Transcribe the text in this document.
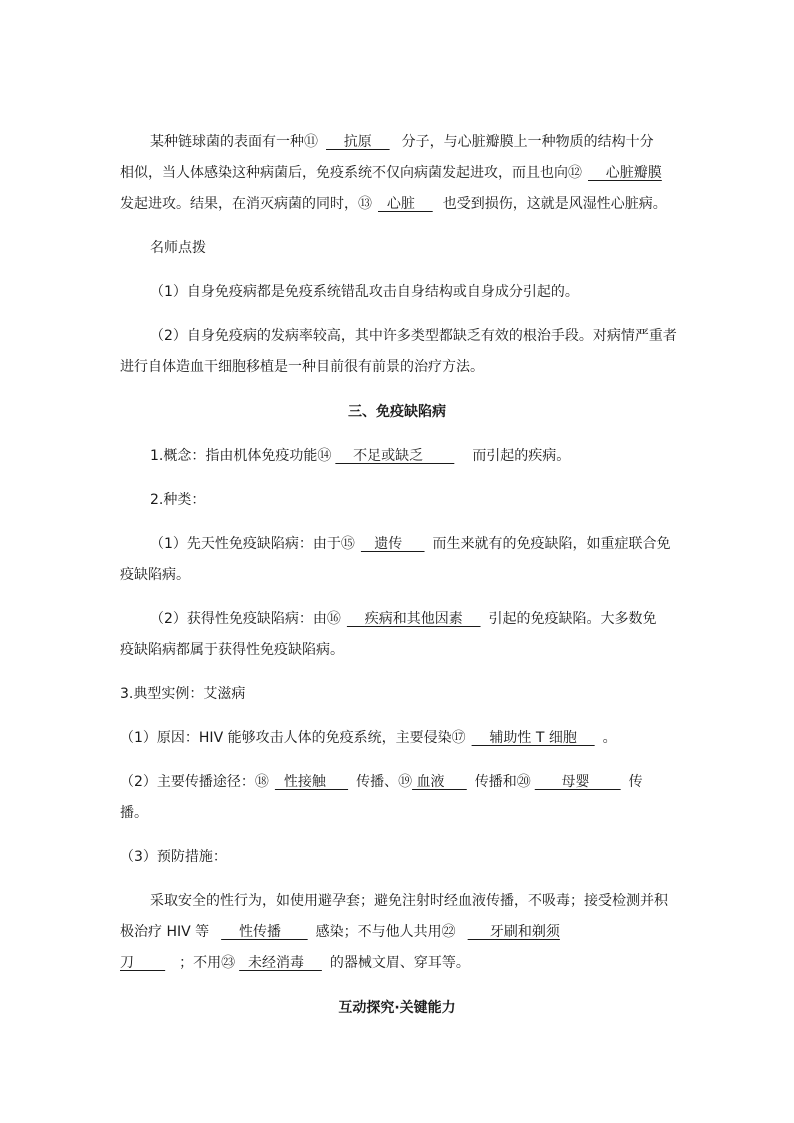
某种链球菌的表面有一种⑪    抗原    分子，与心脏瓣膜上一种物质的结构十分
相似，当人体感染这种病菌后，免疫系统不仅向病菌发起进攻，而且也向⑫    心脏瓣膜
发起进攻。结果，在消灭病菌的同时，⑬  心脏    也受到损伤，这就是风湿性心脏病。
名师点拨
（1）自身免疫病都是免疫系统错乱攻击自身结构或自身成分引起的。
（2）自身免疫病的发病率较高，其中许多类型都缺乏有效的根治手段。对病情严重者
进行自体造血干细胞移植是一种目前很有前景的治疗方法。
三、免疫缺陷病
1.概念：指由机体免疫功能⑭    不足或缺乏       而引起的疾病。
2.种类：
（1）先天性免疫缺陷病：由于⑮   遗传     而生来就有的免疫缺陷，如重症联合免
疫缺陷病。
（2）获得性免疫缺陷病：由⑯    疾病和其他因素    引起的免疫缺陷。大多数免
疫缺陷病都属于获得性免疫缺陷病。
3.典型实例：艾滋病
（1）原因：HIV 能够攻击人体的免疫系统，主要侵染⑰    辅助性 T 细胞    。
（2）主要传播途径：⑱  性接触     传播、⑲ 血液     传播和⑳      母婴       传
播。
（3）预防措施：
采取安全的性行为，如使用避孕套；避免注射时经血液传播，不吸毒；接受检测并积
极治疗 HIV 等    性传播      感染；不与他人共用㉒     牙刷和剃须
刀       ；不用㉓  未经消毒    的器械文眉、穿耳等。
互动探究·关键能力
